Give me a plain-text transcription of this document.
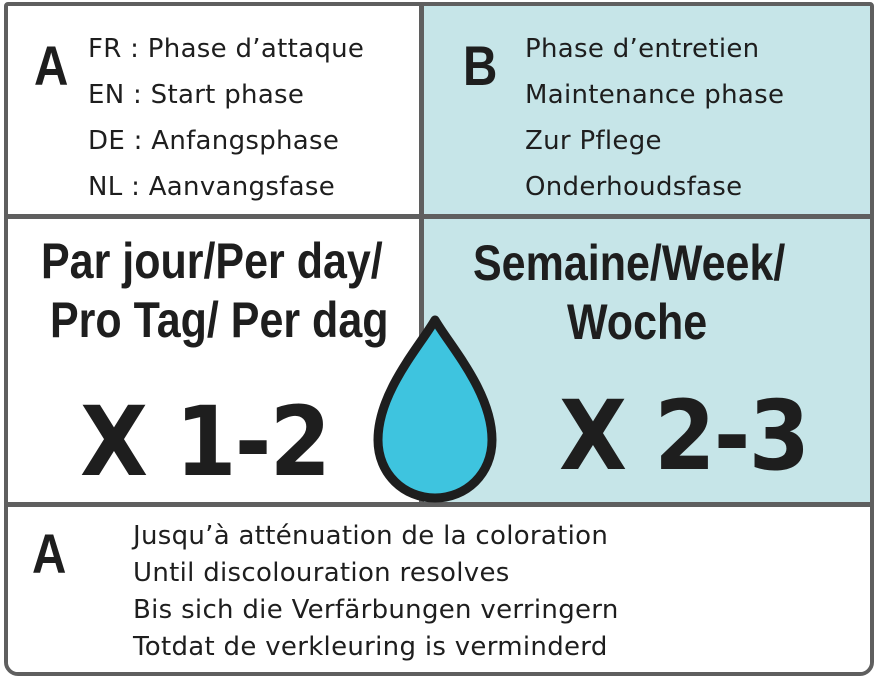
A FR : Phase d’attaque
EN : Start phase
DE : Anfangsphase
NL : Aanvangsfase
B Phase d’entretien
Maintenance phase
Zur Pflege
Onderhoudsfase
Par jour/Per day/
Pro Tag/ Per dag
X 1-2
Semaine/Week/
Woche
X 2-3
A	Jusqu’à atténuation de la coloration
Until discolouration resolves
Bis sich die Verfärbungen verringern
Totdat de verkleuring is verminderd
